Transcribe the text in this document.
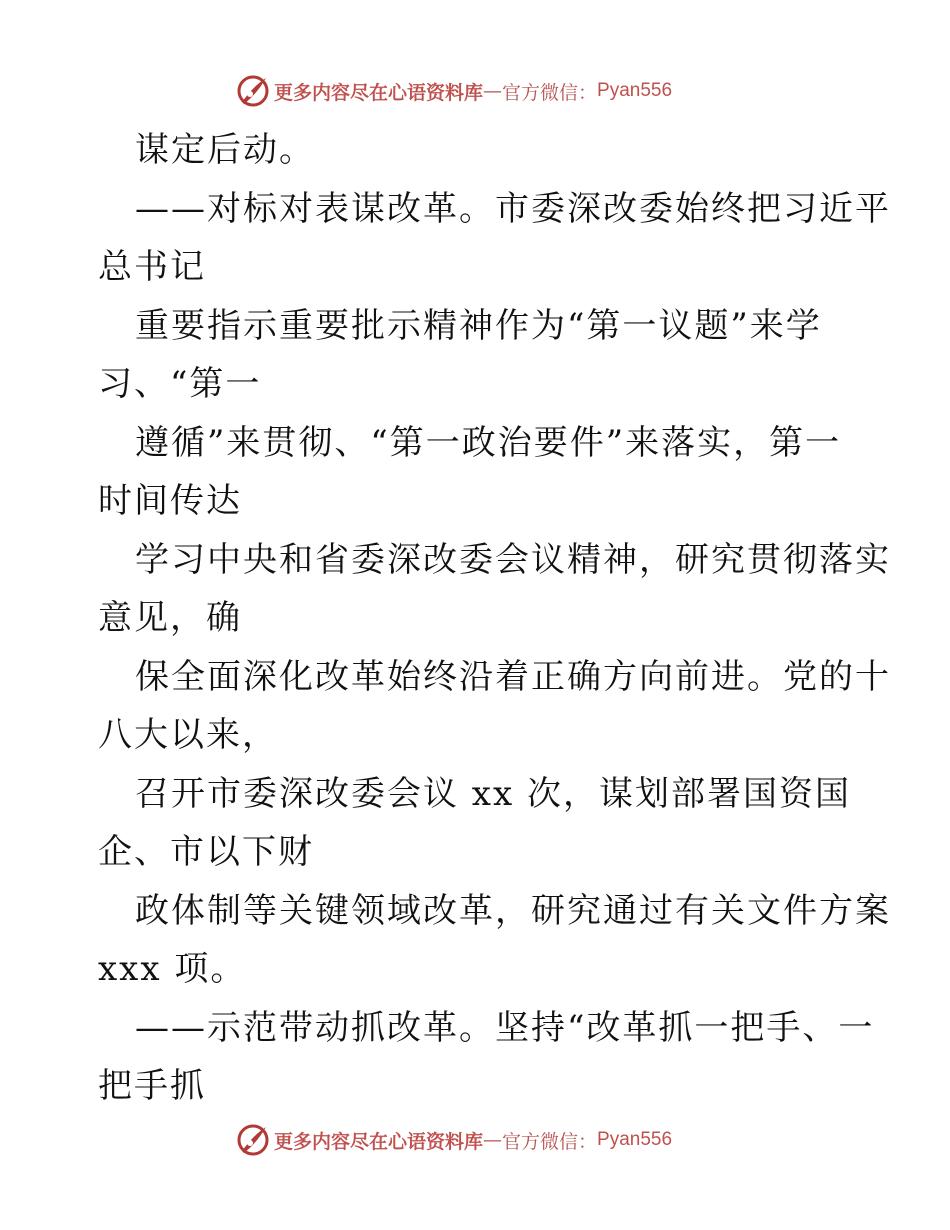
更多内容尽在心语资料库 — 官方微信： Pyan556
谋定后动。
——对标对表谋改革。市委深改委始终把习近平
总书记
重要指示重要批示精神作为“第一议题”来学
习、“第一
遵循”来贯彻、“第一政治要件”来落实，第一
时间传达
学习中央和省委深改委会议精神，研究贯彻落实
意见，确
保全面深化改革始终沿着正确方向前进。党的十
八大以来，
召开市委深改委会议 xx 次，谋划部署国资国
企、市以下财
政体制等关键领域改革，研究通过有关文件方案
xxx 项。
——示范带动抓改革。坚持“改革抓一把手、一
把手抓
更多内容尽在心语资料库 — 官方微信： Pyan556
